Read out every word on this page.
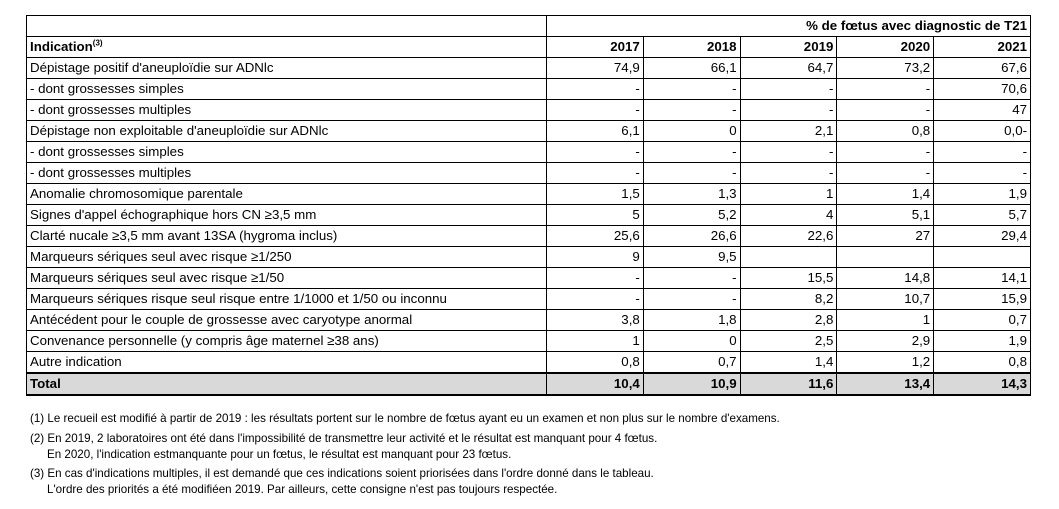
	% de fœtus avec diagnostic de T21				
Indication$^{(3)}$	2017	2018	2019	2020	2021
Dépistage positif d'aneuploïdie sur ADNlc	74,9	66,1	64,7	73,2	67,6
- dont grossesses simples	-	-	-	-	70,6
- dont grossesses multiples	-	-	-	-	47
Dépistage non exploitable d'aneuploïdie sur ADNlc	6,1	0	2,1	0,8	0,0-
- dont grossesses simples	-	-	-	-	-
- dont grossesses multiples	-	-	-	-	-
Anomalie chromosomique parentale	1,5	1,3	1	1,4	1,9
Signes d'appel échographique hors CN ≥3,5 mm	5	5,2	4	5,1	5,7
Clarté nucale ≥3,5 mm avant 13SA (hygroma inclus)	25,6	26,6	22,6	27	29,4
Marqueurs sériques seul avec risque ≥1/250	9	9,5			
Marqueurs sériques seul avec risque ≥1/50	-	-	15,5	14,8	14,1
Marqueurs sériques risque seul risque entre 1/1000 et 1/50 ou inconnu	-	-	8,2	10,7	15,9
Antécédent pour le couple de grossesse avec caryotype anormal	3,8	1,8	2,8	1	0,7
Convenance personnelle (y compris âge maternel ≥38 ans)	1	0	2,5	2,9	1,9
Autre indication	0,8	0,7	1,4	1,2	0,8
Total	10,4	10,9	11,6	13,4	14,3

(1) Le recueil est modifié à partir de 2019 : les résultats portent sur le nombre de fœtus ayant eu un examen et non plus sur le nombre d'examens.

(2) En 2019, 2 laboratoires ont été dans l'impossibilité de transmettre leur activité et le résultat est manquant pour 4 fœtus.

En 2020, l'indication estmanquante pour un fœtus, le résultat est manquant pour 23 fœtus.

(3) En cas d'indications multiples, il est demandé que ces indications soient priorisées dans l'ordre donné dans le tableau.

L'ordre des priorités a été modifiéen 2019. Par ailleurs, cette consigne n'est pas toujours respectée.
